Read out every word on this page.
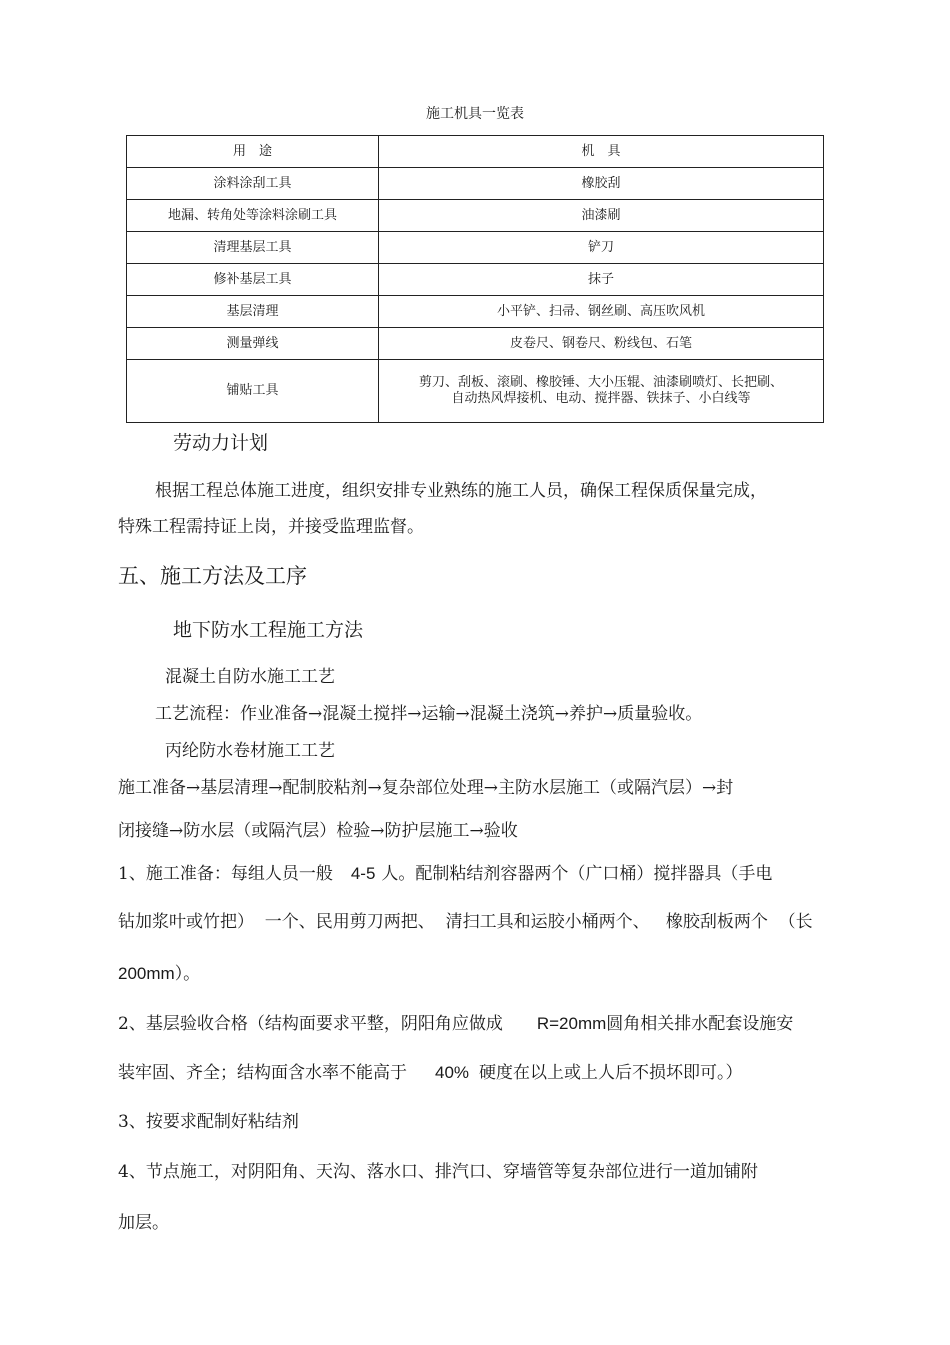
施工机具一览表
用　途	机　具
涂料涂刮工具	橡胶刮
地漏、转角处等涂料涂刷工具	油漆刷
清理基层工具	铲刀
修补基层工具	抹子
基层清理	小平铲、扫帚、钢丝刷、高压吹风机
测量弹线	皮卷尺、钢卷尺、粉线包、石笔
铺贴工具	剪刀、刮板、滚刷、橡胶锤、大小压辊、油漆刷喷灯、长把刷、
自动热风焊接机、电动、搅拌器、铁抹子、小白线等
劳动力计划
根据工程总体施工进度，组织安排专业熟练的施工人员，确保工程保质保量完成，
特殊工程需持证上岗，并接受监理监督。
五、施工方法及工序
地下防水工程施工方法
混凝土自防水施工工艺
工艺流程：作业准备→混凝土搅拌→运输→混凝土浇筑→养护→质量验收。
丙纶防水卷材施工工艺
施工准备→基层清理→配制胶粘剂→复杂部位处理→主防水层施工（或隔汽层）→封
闭接缝→防水层（或隔汽层）检验→防护层施工→验收
1、施工准备：每组人员一般 4-5 人。配制粘结剂容器两个（广口桶）搅拌器具（手电
钻加浆叶或竹把）  一个、民用剪刀两把、  清扫工具和运胶小桶两个、   橡胶刮板两个  （长
200mm）。
2、基层验收合格（结构面要求平整，阴阳角应做成 R=20mm圆角相关排水配套设施安
装牢固、齐全；结构面含水率不能高于 40% 硬度在以上或上人后不损坏即可。）
3、按要求配制好粘结剂
4、节点施工，对阴阳角、天沟、落水口、排汽口、穿墙管等复杂部位进行一道加铺附
加层。
